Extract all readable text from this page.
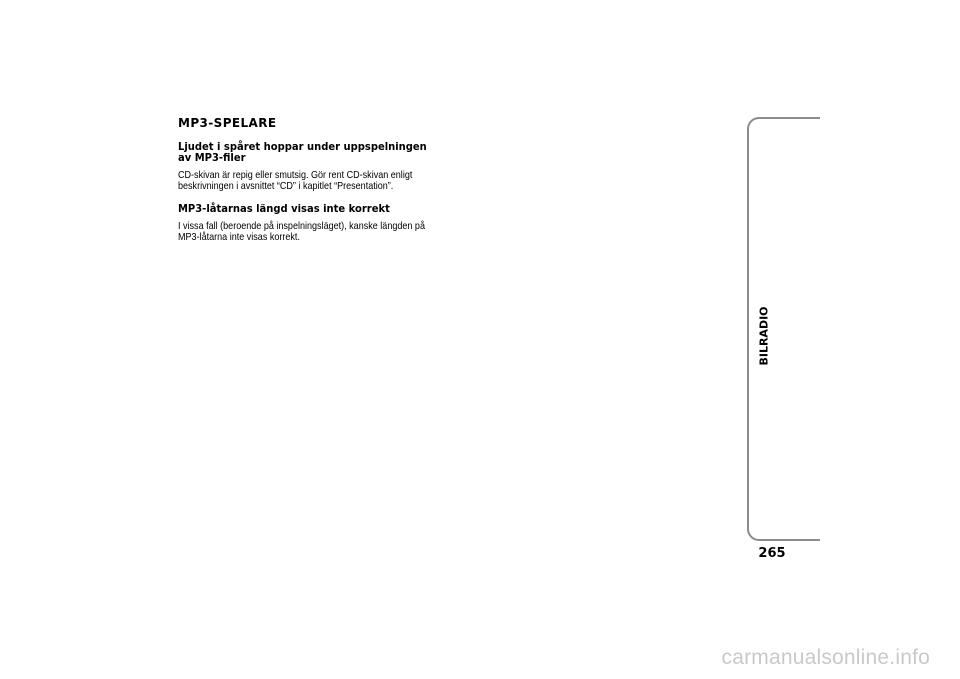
MP3-SPELARE
Ljudet i spåret hoppar under uppspelningen
av MP3-filer
CD-skivan är repig eller smutsig. Gör rent CD-skivan enligt
beskrivningen i avsnittet “CD” i kapitlet “Presentation”.
MP3-låtarnas längd visas inte korrekt
I vissa fall (beroende på inspelningsläget), kanske längden på
MP3-låtarna inte visas korrekt.
BILRADIO
265
carmanualsonline.info
